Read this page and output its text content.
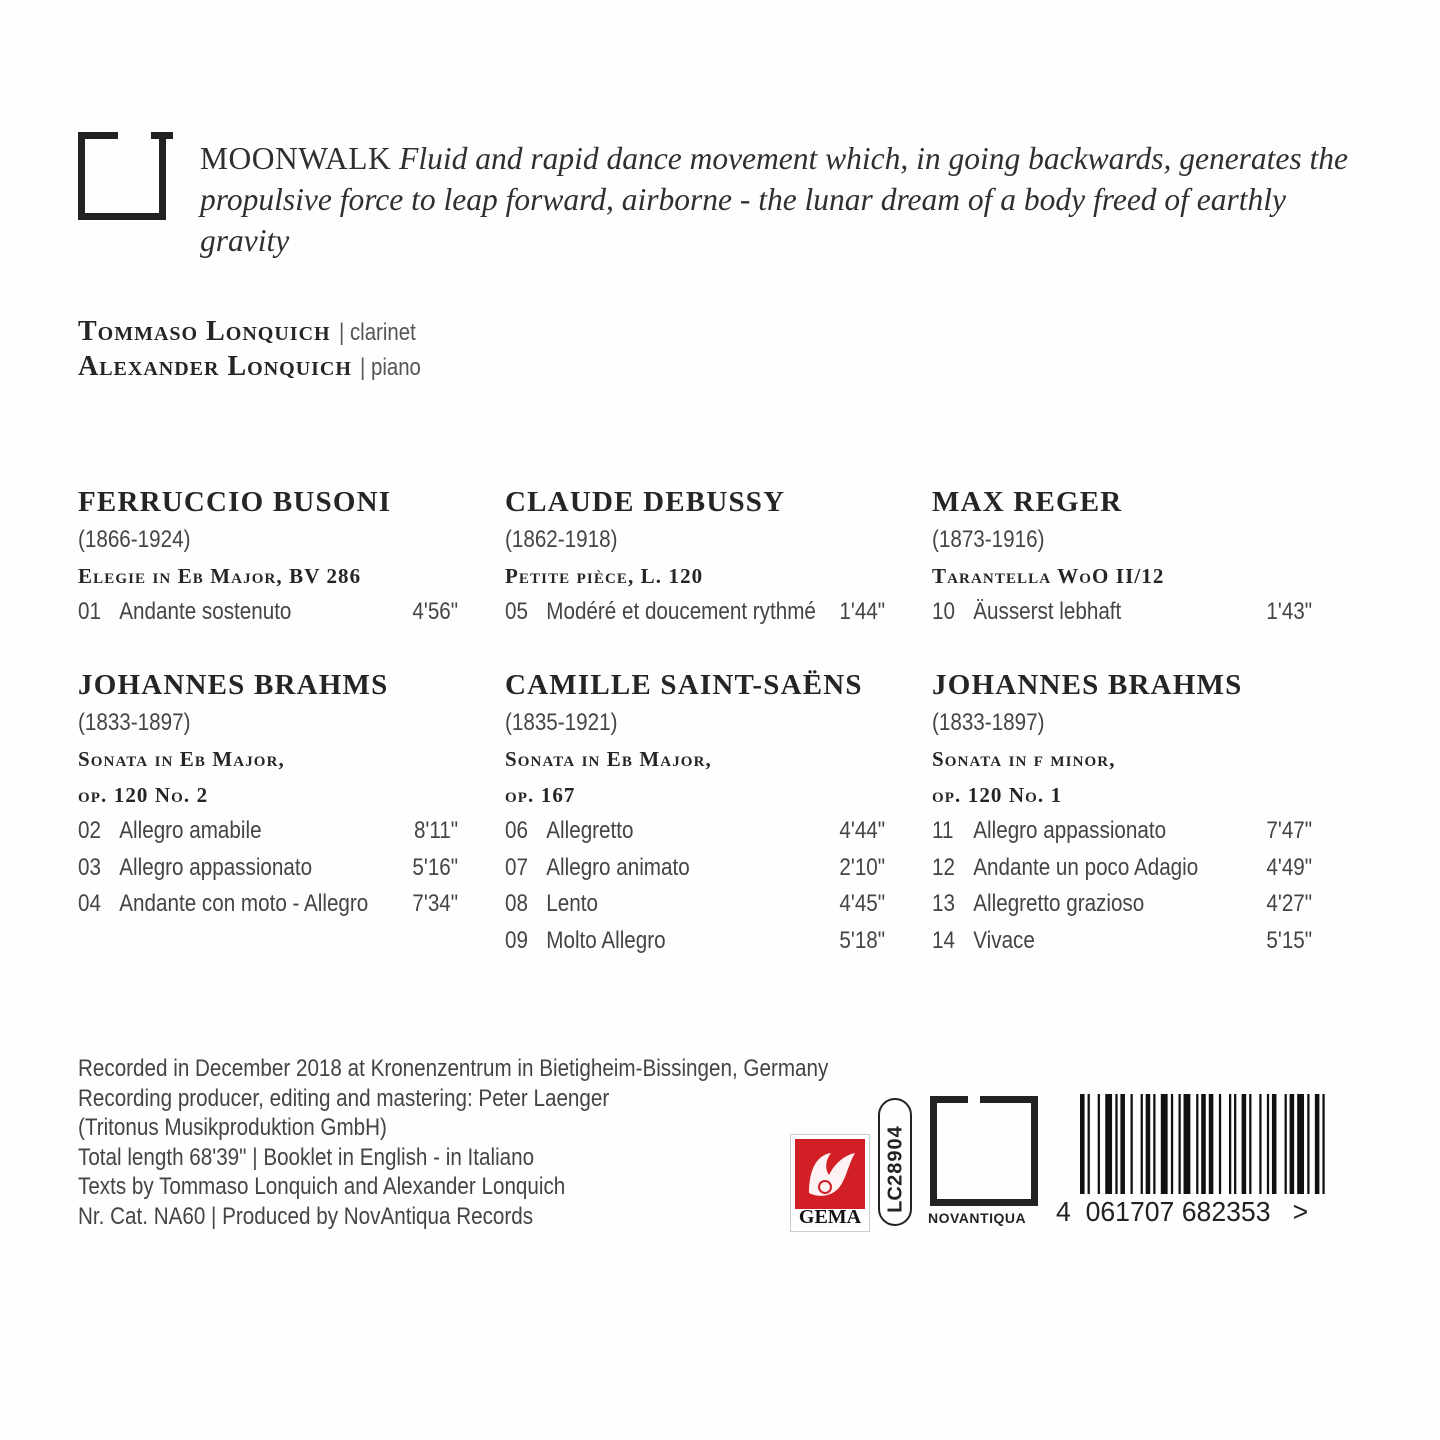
MOONWALK Fluid and rapid dance movement which, in going backwards, generates the
propulsive force to leap forward, airborne - the lunar dream of a body freed of earthly gravity
Tommaso Lonquich | clarinet
Alexander Lonquich | piano
FERRUCCIO BUSONI
(1866-1924)
Elegie in Eb Major, BV 286
01 Andante sostenuto	4'56"
CLAUDE DEBUSSY
(1862-1918)
Petite pièce, L. 120
05 Modéré et doucement rythmé 1'44"
MAX REGER
(1873-1916)
Tarantella WoO II/12
10 Äusserst lebhaft	1'43"
JOHANNES BRAHMS
(1833-1897)
Sonata in Eb Major,
op. 120 No. 2
02 Allegro amabile	8'11"
03 Allegro appassionato	5'16"
04 Andante con moto - Allegro 7'34"
CAMILLE SAINT-SAËNS
(1835-1921)
Sonata in Eb Major,
op. 167
06 Allegretto	4'44"
07 Allegro animato	2'10"
08 Lento	4'45"
09 Molto Allegro	5'18"
JOHANNES BRAHMS
(1833-1897)
Sonata in f minor,
op. 120 No. 1
11 Allegro appassionato	7'47"
12 Andante un poco Adagio	4'49"
13 Allegretto grazioso	4'27"
14 Vivace	5'15"
Recorded in December 2018 at Kronenzentrum in Bietigheim-Bissingen, Germany
Recording producer, editing and mastering: Peter Laenger
(Tritonus Musikproduktion GmbH)
Total length 68'39" | Booklet in English - in Italiano
Texts by Tommaso Lonquich and Alexander Lonquich
Nr. Cat. NA60 | Produced by NovAntiqua Records	GEMA
28904
LC
NOVANTIQUA 4 061707 682353 >
